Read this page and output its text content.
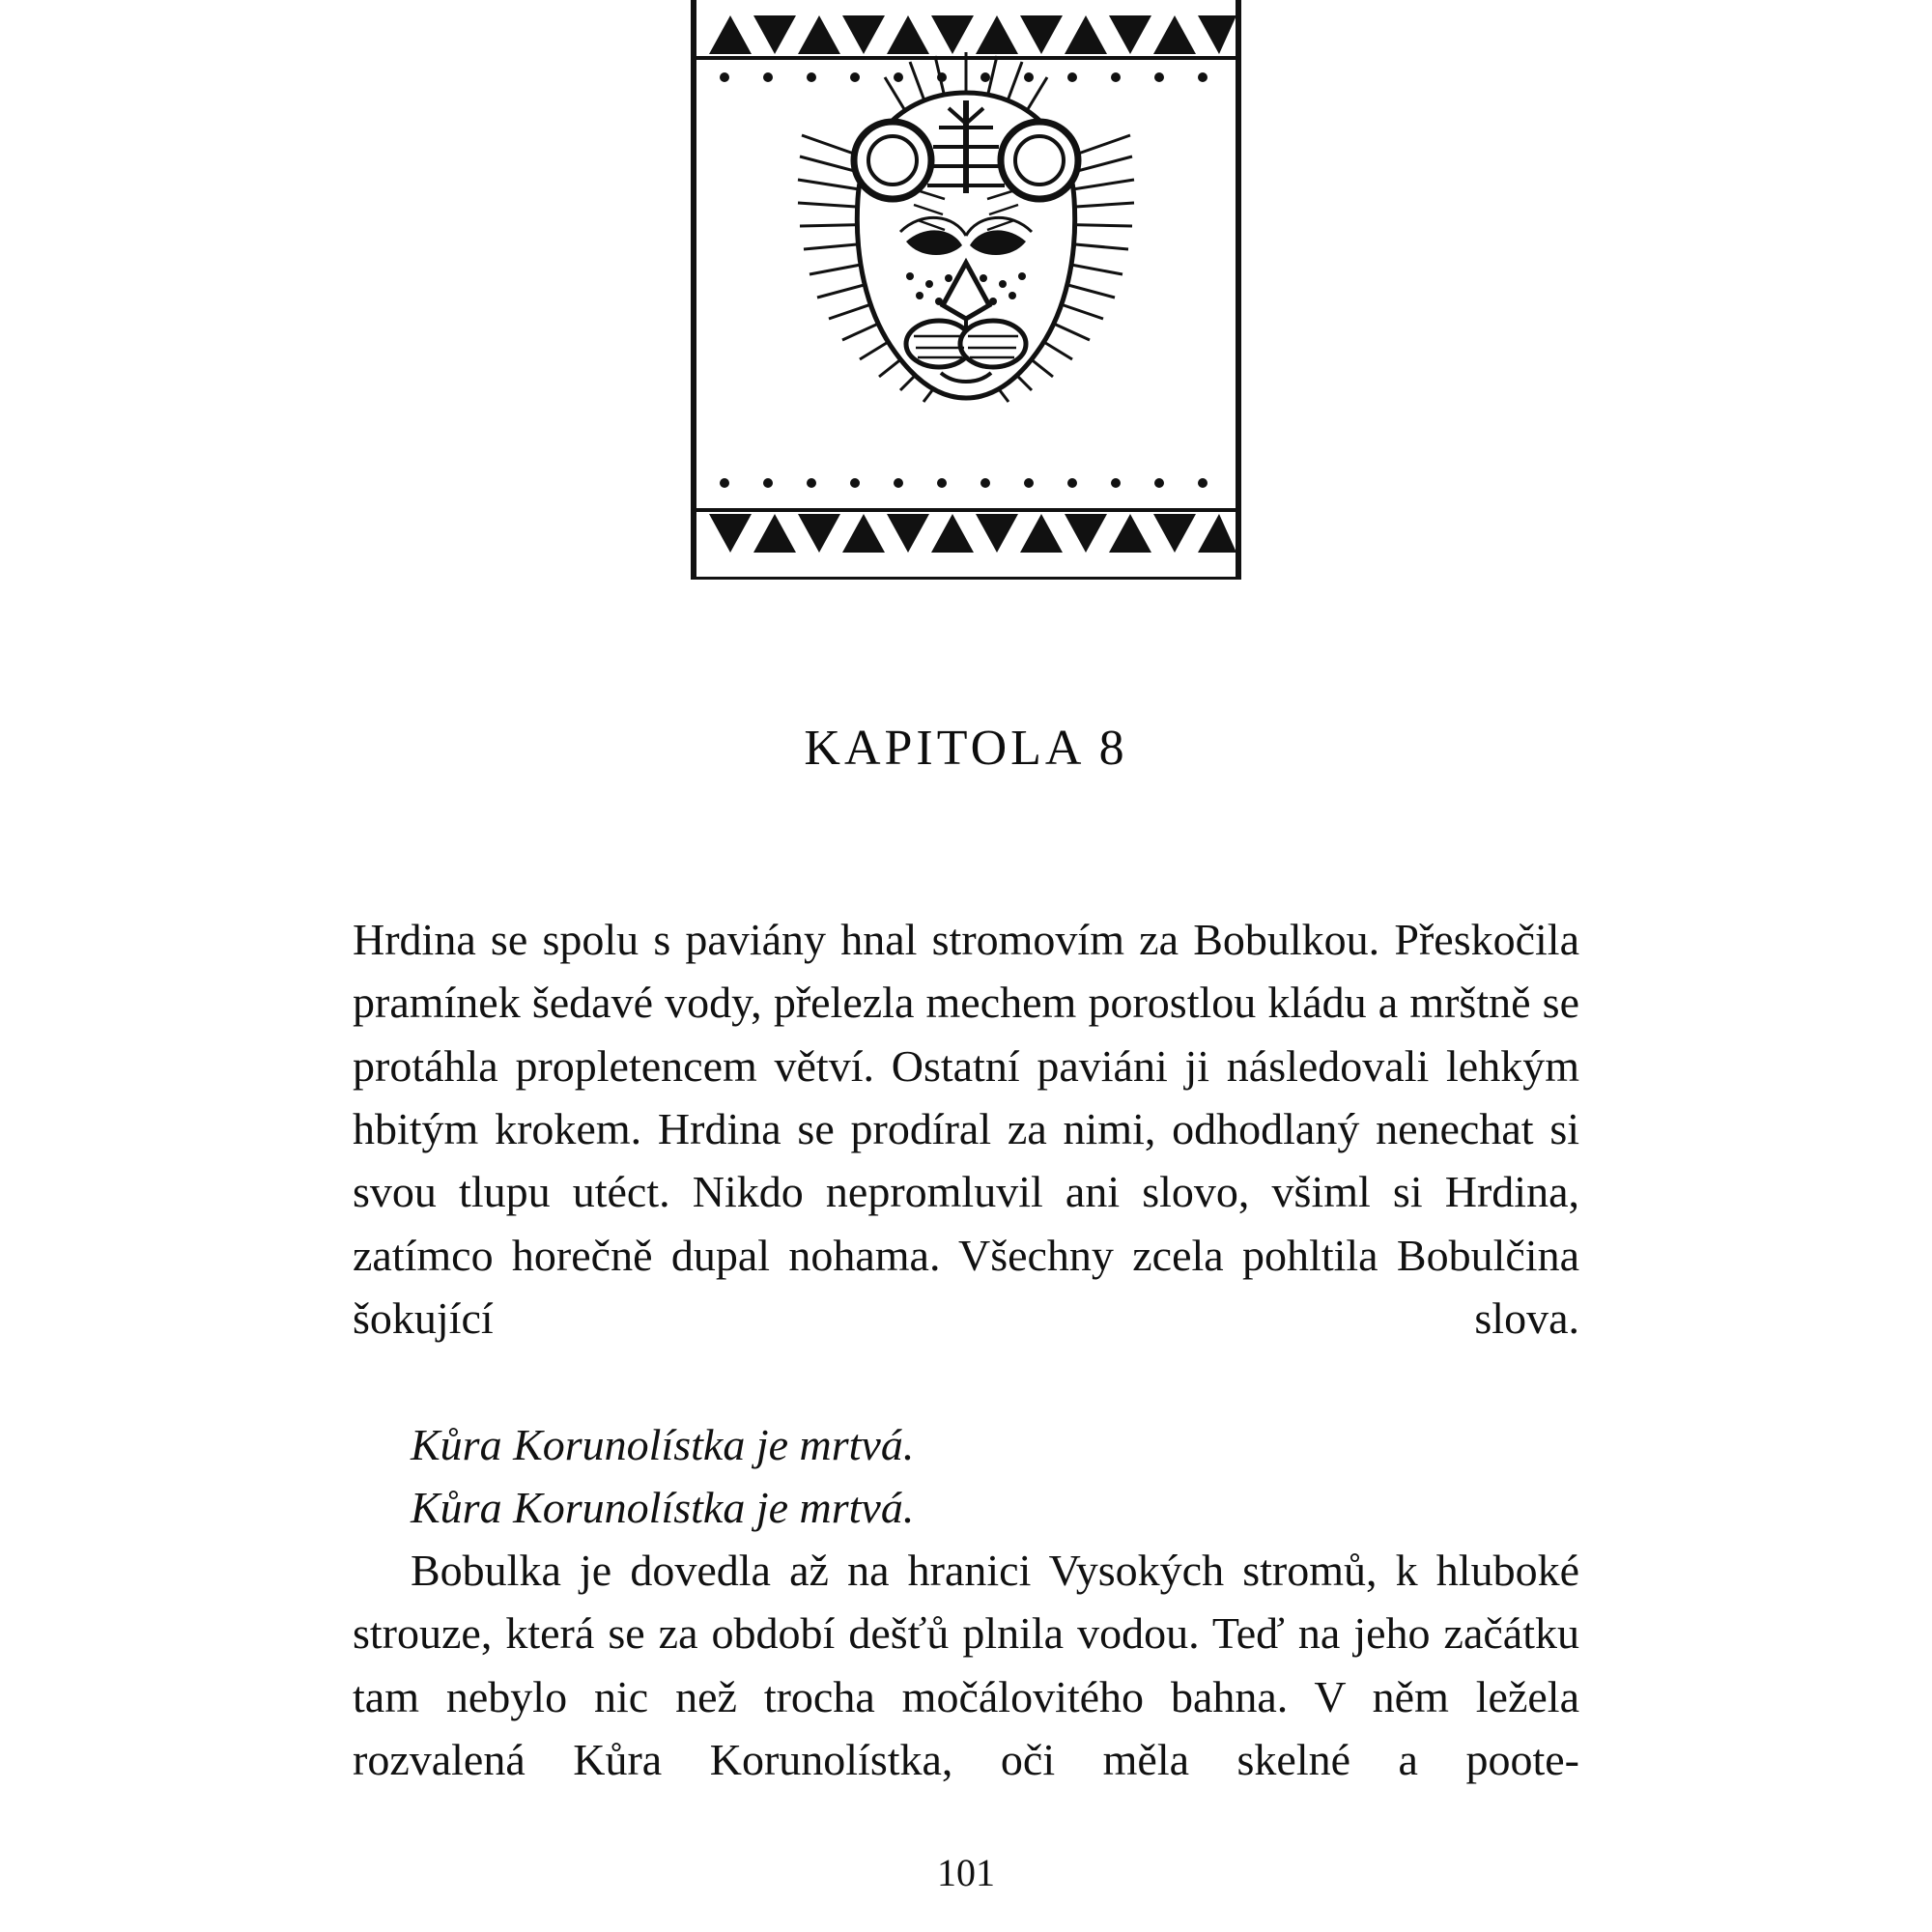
KAPITOLA 8

Hrdina se spolu s paviány hnal stromovím za Bobulkou. Přeskočila pramínek šedavé vody, přelezla mechem porostlou kládu a mrštně se protáhla propletencem větví. Ostatní paviáni ji následovali lehkým hbitým krokem. Hrdina se prodíral za nimi, odhodlaný nenechat si svou tlupu utéct. Nikdo nepromluvil ani slovo, všiml si Hrdina, zatímco horečně dupal nohama. Všechny zcela pohltila Bobulčina šokující slova.

Kůra Korunolístka je mrtvá.

Kůra Korunolístka je mrtvá.

Bobulka je dovedla až na hranici Vysokých stromů, k hluboké strouze, která se za období dešťů plnila vodou. Teď na jeho začátku tam nebylo nic než trocha močálovitého bahna. V něm ležela rozvalená Kůra Korunolístka, oči měla skelné a poote-

101
